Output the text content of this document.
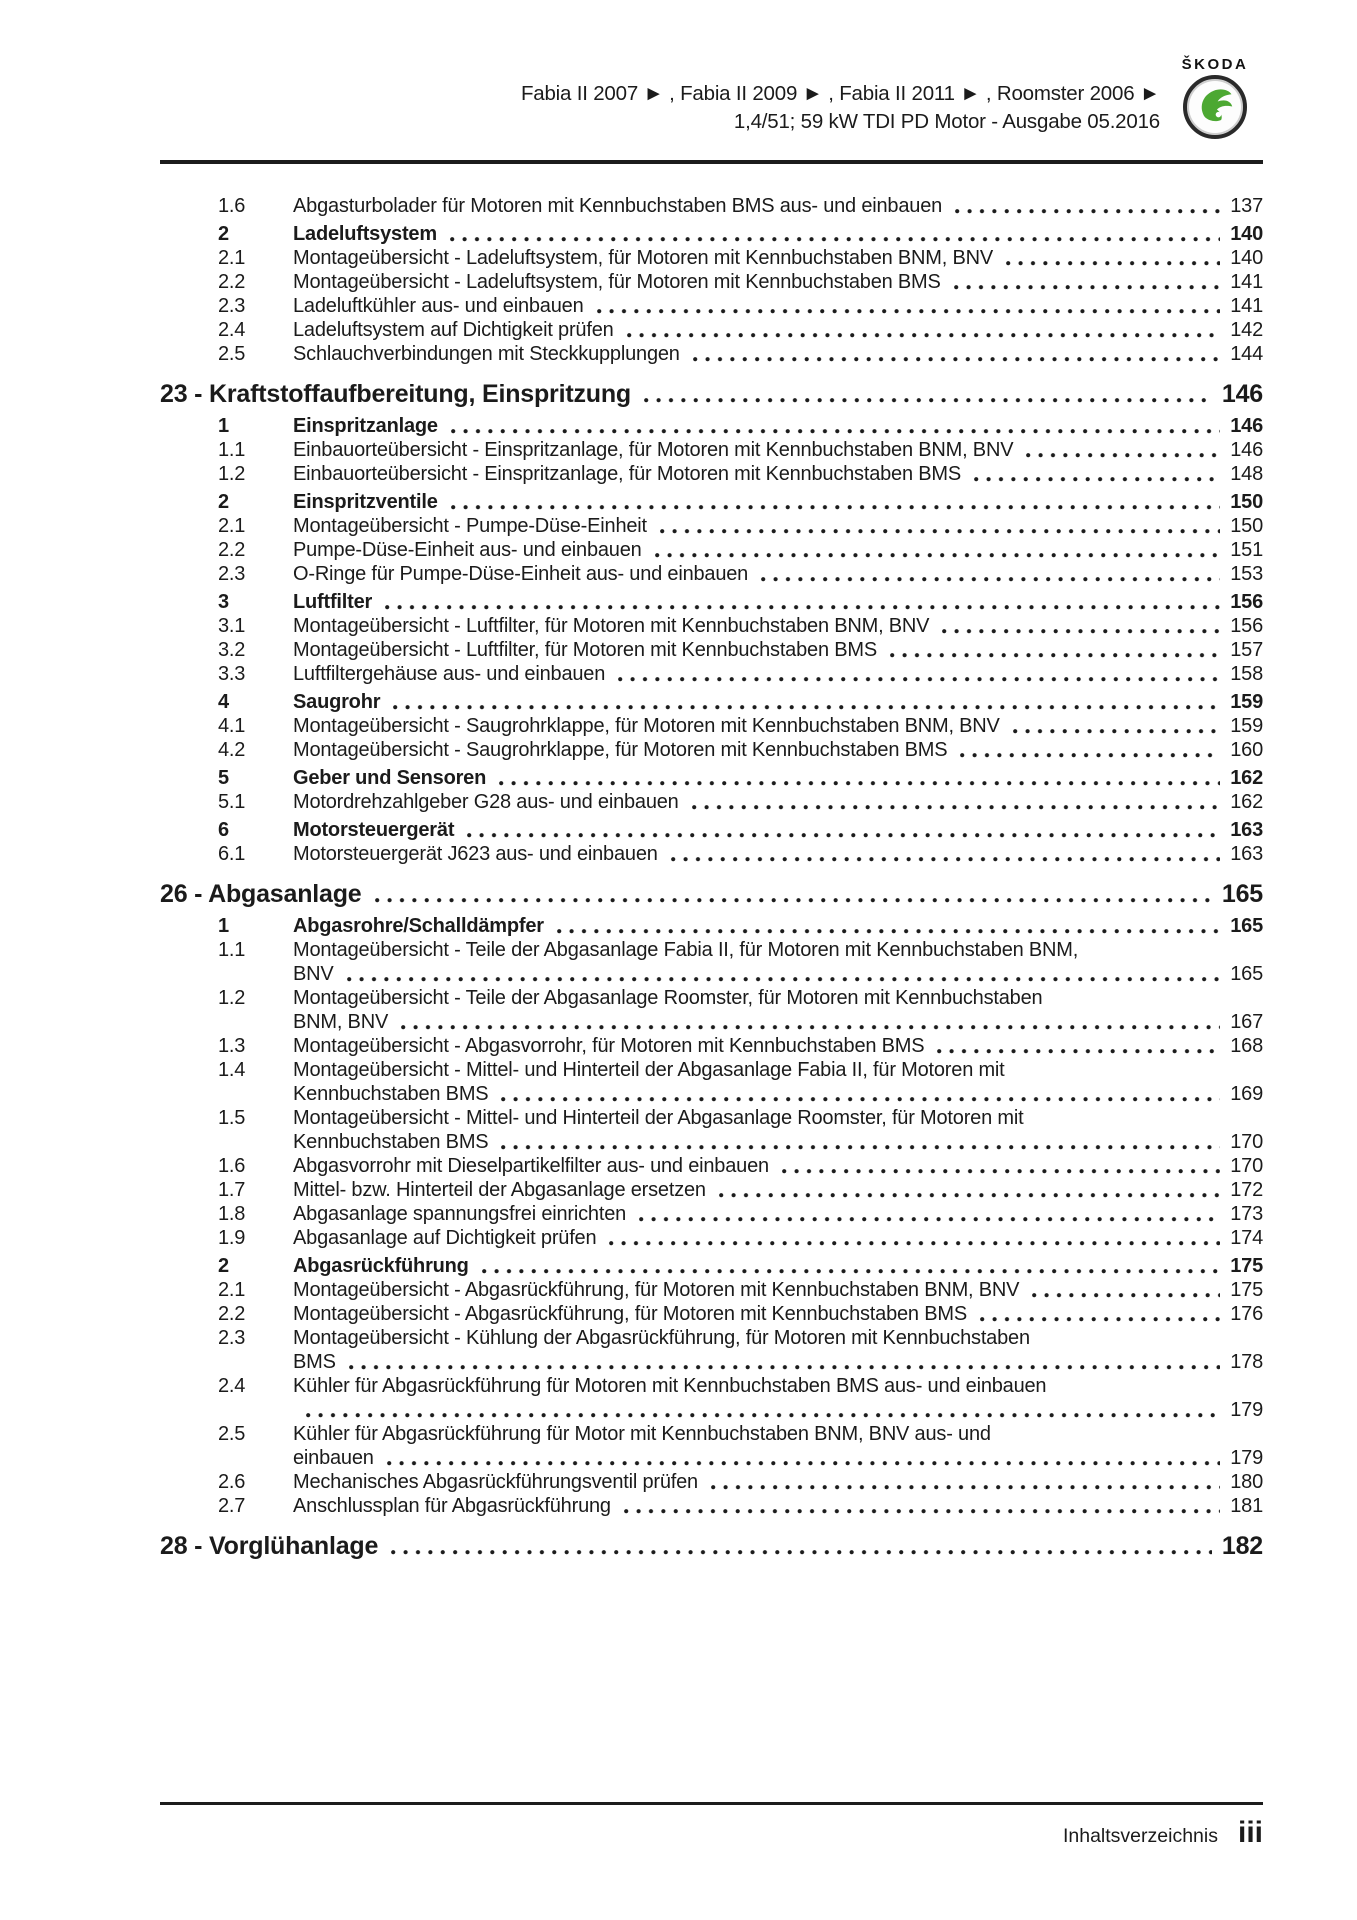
Fabia II 2007 ► , Fabia II 2009 ► , Fabia II 2011 ► , Roomster 2006 ►
1,4/51; 59 kW TDI PD Motor - Ausgabe 05.2016
ŠKODA
1.6	Abgasturbolader für Motoren mit Kennbuchstaben BMS aus- und einbauen	137
2	Ladeluftsystem	140
2.1	Montageübersicht - Ladeluftsystem, für Motoren mit Kennbuchstaben BNM, BNV	140
2.2	Montageübersicht - Ladeluftsystem, für Motoren mit Kennbuchstaben BMS	141
2.3	Ladeluftkühler aus- und einbauen	141
2.4	Ladeluftsystem auf Dichtigkeit prüfen	142
2.5	Schlauchverbindungen mit Steckkupplungen	144
23 - Kraftstoffaufbereitung, Einspritzung	146
1	Einspritzanlage	146
1.1	Einbauorteübersicht - Einspritzanlage, für Motoren mit Kennbuchstaben BNM, BNV	146
1.2	Einbauorteübersicht - Einspritzanlage, für Motoren mit Kennbuchstaben BMS	148
2	Einspritzventile	150
2.1	Montageübersicht - Pumpe-Düse-Einheit	150
2.2	Pumpe-Düse-Einheit aus- und einbauen	151
2.3	O-Ringe für Pumpe-Düse-Einheit aus- und einbauen	153
3	Luftfilter	156
3.1	Montageübersicht - Luftfilter, für Motoren mit Kennbuchstaben BNM, BNV	156
3.2	Montageübersicht - Luftfilter, für Motoren mit Kennbuchstaben BMS	157
3.3	Luftfiltergehäuse aus- und einbauen	158
4	Saugrohr	159
4.1	Montageübersicht - Saugrohrklappe, für Motoren mit Kennbuchstaben BNM, BNV	159
4.2	Montageübersicht - Saugrohrklappe, für Motoren mit Kennbuchstaben BMS	160
5	Geber und Sensoren	162
5.1	Motordrehzahlgeber G28 aus- und einbauen	162
6	Motorsteuergerät	163
6.1	Motorsteuergerät J623 aus- und einbauen	163
26 - Abgasanlage	165
1	Abgasrohre/Schalldämpfer	165
1.1	Montageübersicht - Teile der Abgasanlage Fabia II, für Motoren mit Kennbuchstaben BNM,
BNV	165
1.2	Montageübersicht - Teile der Abgasanlage Roomster, für Motoren mit Kennbuchstaben
BNM, BNV	167
1.3	Montageübersicht - Abgasvorrohr, für Motoren mit Kennbuchstaben BMS	168
1.4	Montageübersicht - Mittel- und Hinterteil der Abgasanlage Fabia II, für Motoren mit
Kennbuchstaben BMS	169
1.5	Montageübersicht - Mittel- und Hinterteil der Abgasanlage Roomster, für Motoren mit
Kennbuchstaben BMS	170
1.6	Abgasvorrohr mit Dieselpartikelfilter aus- und einbauen	170
1.7	Mittel- bzw. Hinterteil der Abgasanlage ersetzen	172
1.8	Abgasanlage spannungsfrei einrichten	173
1.9	Abgasanlage auf Dichtigkeit prüfen	174
2	Abgasrückführung	175
2.1	Montageübersicht - Abgasrückführung, für Motoren mit Kennbuchstaben BNM, BNV	175
2.2	Montageübersicht - Abgasrückführung, für Motoren mit Kennbuchstaben BMS	176
2.3	Montageübersicht - Kühlung der Abgasrückführung, für Motoren mit Kennbuchstaben
BMS	178
2.4	Kühler für Abgasrückführung für Motoren mit Kennbuchstaben BMS aus- und einbauen
179
2.5	Kühler für Abgasrückführung für Motor mit Kennbuchstaben BNM, BNV aus- und
einbauen	179
2.6	Mechanisches Abgasrückführungsventil prüfen	180
2.7	Anschlussplan für Abgasrückführung	181
28 - Vorglühanlage	182
Inhaltsverzeichnis iii
